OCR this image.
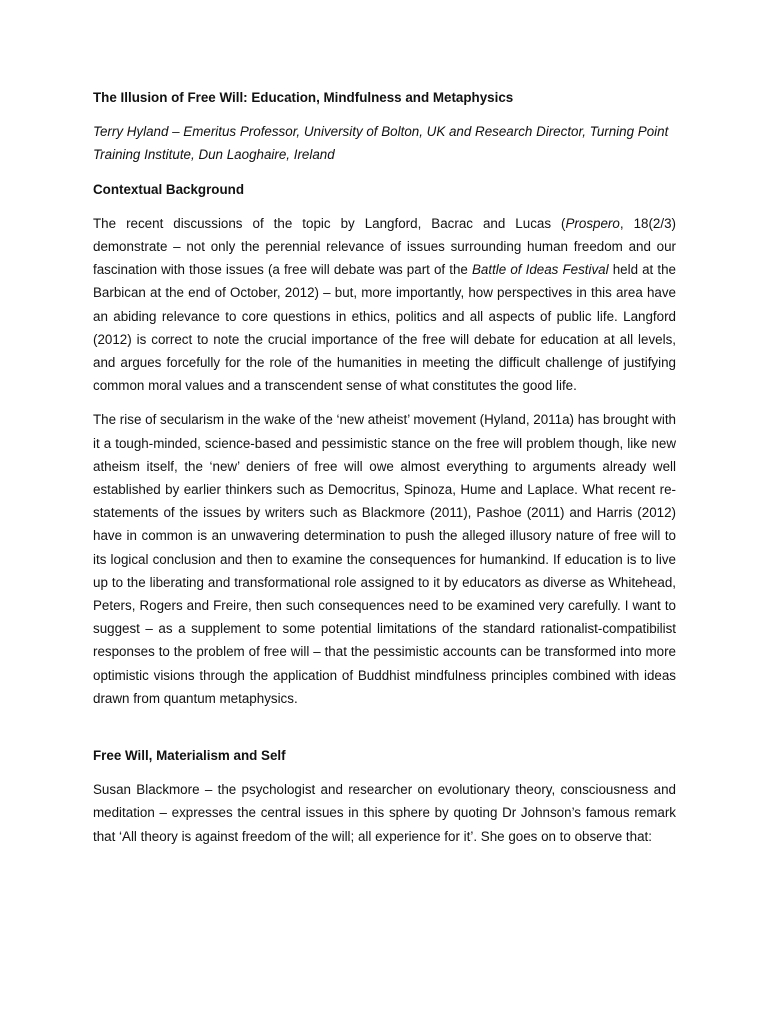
The Illusion of Free Will: Education, Mindfulness and Metaphysics
Terry Hyland – Emeritus Professor, University of Bolton, UK and Research Director, Turning Point Training Institute, Dun Laoghaire, Ireland
Contextual Background
The recent discussions of the topic by Langford, Bacrac and Lucas (Prospero, 18(2/3) demonstrate – not only the perennial relevance of issues surrounding human freedom and our fascination with those issues (a free will debate was part of the Battle of Ideas Festival held at the Barbican at the end of October, 2012) – but, more importantly, how perspectives in this area have an abiding relevance to core questions in ethics, politics and all aspects of public life. Langford (2012) is correct to note the crucial importance of the free will debate for education at all levels, and argues forcefully for the role of the humanities in meeting the difficult challenge of justifying common moral values and a transcendent sense of what constitutes the good life.
The rise of secularism in the wake of the ‘new atheist’ movement (Hyland, 2011a) has brought with it a tough-minded, science-based and pessimistic stance on the free will problem though, like new atheism itself, the ‘new’ deniers of free will owe almost everything to arguments already well established by earlier thinkers such as Democritus, Spinoza, Hume and Laplace. What recent re-statements of the issues by writers such as Blackmore (2011), Pashoe (2011) and Harris (2012) have in common is an unwavering determination to push the alleged illusory nature of free will to its logical conclusion and then to examine the consequences for humankind. If education is to live up to the liberating and transformational role assigned to it by educators as diverse as Whitehead, Peters, Rogers and Freire, then such consequences need to be examined very carefully. I want to suggest – as a supplement to some potential limitations of the standard rationalist-compatibilist responses to the problem of free will – that the pessimistic accounts can be transformed into more optimistic visions through the application of Buddhist mindfulness principles combined with ideas drawn from quantum metaphysics.
Free Will, Materialism and Self
Susan Blackmore – the psychologist and researcher on evolutionary theory, consciousness and meditation – expresses the central issues in this sphere by quoting Dr Johnson’s famous remark that ‘All theory is against freedom of the will; all experience for it’. She goes on to observe that:
